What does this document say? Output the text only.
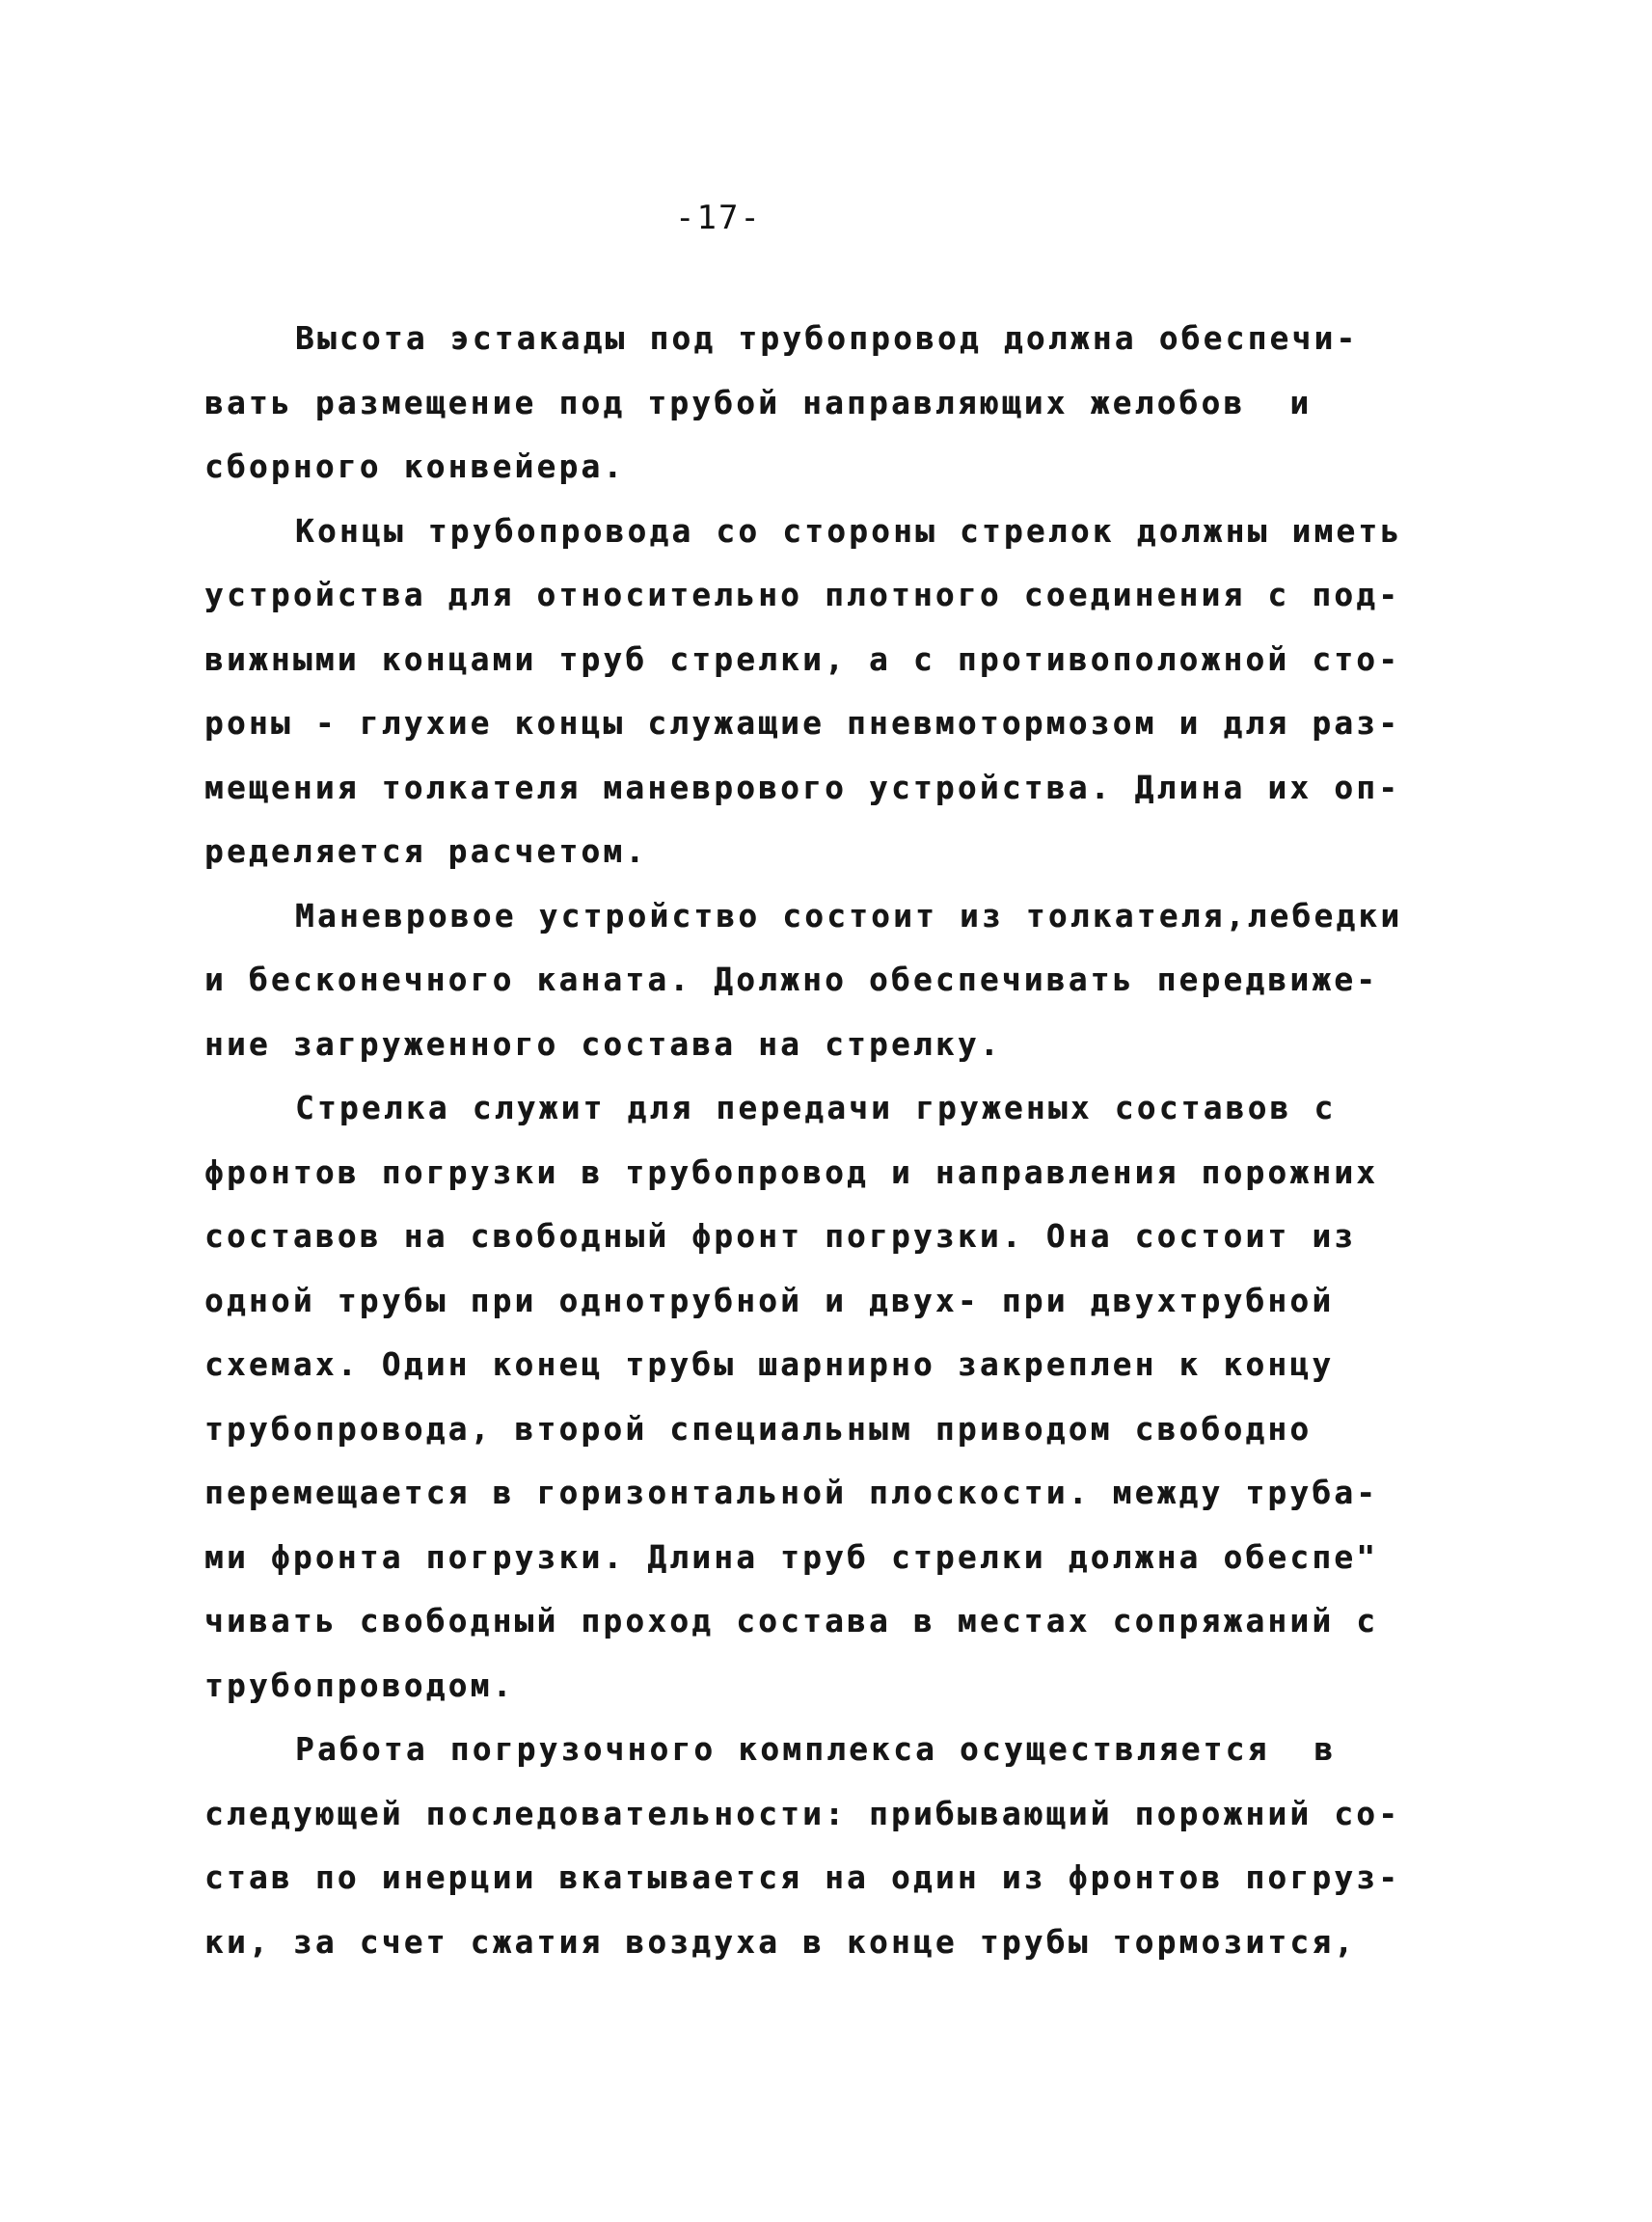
-17-
Высота эстакады под трубопровод должна обеспечи-
вать размещение под трубой направляющих желобов  и
сборного конвейера.
Концы трубопровода со стороны стрелок должны иметь
устройства для относительно плотного соединения с под-
вижными концами труб стрелки, а с противоположной сто-
роны - глухие концы служащие пневмотормозом и для раз-
мещения толкателя маневрового устройства. Длина их оп-
ределяется расчетом.
Маневровое устройство состоит из толкателя,лебедки
и бесконечного каната. Должно обеспечивать передвиже-
ние загруженного состава на стрелку.
Стрелка служит для передачи груженых составов с
фронтов погрузки в трубопровод и направления порожних
составов на свободный фронт погрузки. Она состоит из
одной трубы при однотрубной и двух- при двухтрубной
схемах. Один конец трубы шарнирно закреплен к концу
трубопровода, второй специальным приводом свободно
перемещается в горизонтальной плоскости. между труба-
ми фронта погрузки. Длина труб стрелки должна обеспе"
чивать свободный проход состава в местах сопряжаний с
трубопроводом.
Работа погрузочного комплекса осуществляется  в
следующей последовательности: прибывающий порожний со-
став по инерции вкатывается на один из фронтов погруз-
ки, за счет сжатия воздуха в конце трубы тормозится,
